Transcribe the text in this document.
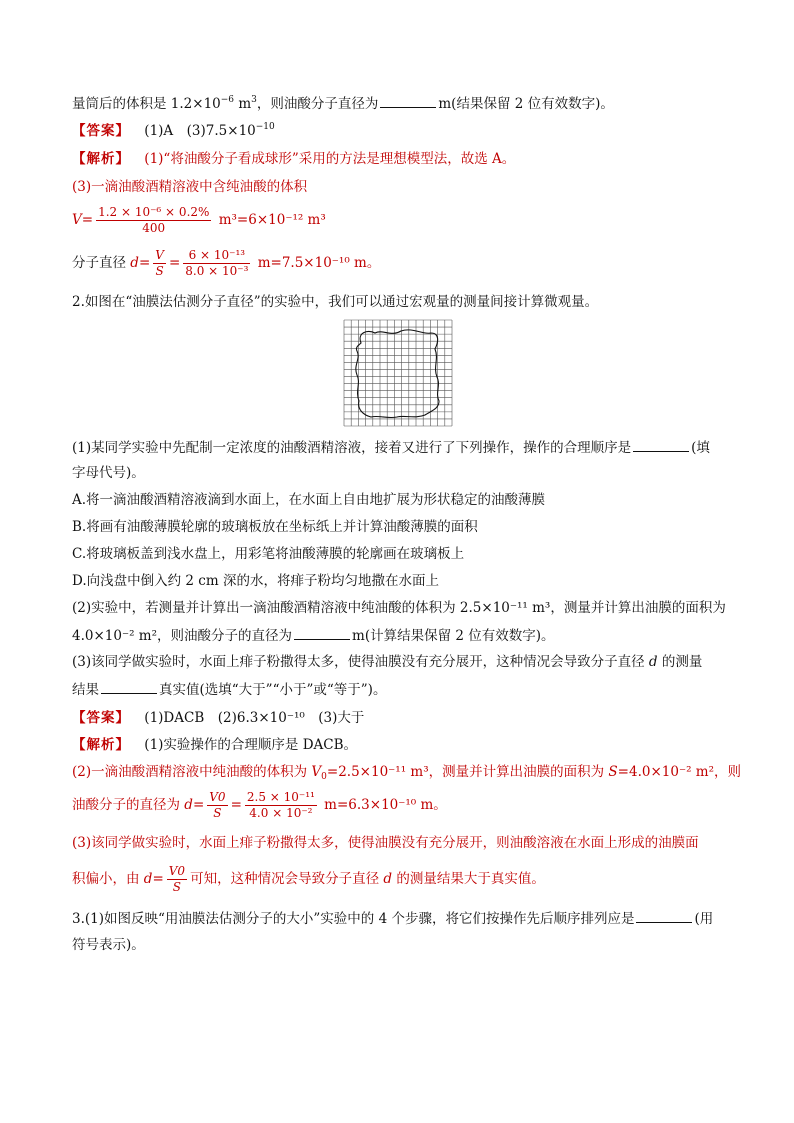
量筒后的体积是 $1.2\times 10^{-6}$ $m^3$，则油酸分子直径为	m(结果保留 2 位有效数字)。
【答案】 (1)A　$(3)7.5\times 10^{-10}$
【解析】 (1)“将油酸分子看成球形”采用的方法是理想模型法，故选 A。
(3)一滴油酸酒精溶液中含纯油酸的体积
$V= \frac{\text{1.2 × 10⁻⁶ × 0.2\%}}{400} m^3=6\times 10^{-12}$ m³
分子直径 $d= \frac{V}{S} = \frac{\text{6 × 10⁻¹³}}{\text{8.0 × 10⁻³}} m=7.5\times 10^{-10}$ m。
2.如图在“油膜法估测分子直径”的实验中，我们可以通过宏观量的测量间接计算微观量。
(1)某同学实验中先配制一定浓度的油酸酒精溶液，接着又进行了下列操作，操作的合理顺序是	(填
字母代号)。
A.将一滴油酸酒精溶液滴到水面上，在水面上自由地扩展为形状稳定的油酸薄膜
B.将画有油酸薄膜轮廓的玻璃板放在坐标纸上并计算油酸薄膜的面积
C.将玻璃板盖到浅水盘上，用彩笔将油酸薄膜的轮廓画在玻璃板上
D.向浅盘中倒入约 2 cm 深的水，将痱子粉均匀地撒在水面上
(2)实验中，若测量并计算出一滴油酸酒精溶液中纯油酸的体积为 2.5×10⁻¹¹ m³，测量并计算出油膜的面积为
4.0×10⁻² m²，则油酸分子的直径为	m(计算结果保留 2 位有效数字)。
(3)该同学做实验时，水面上痱子粉撒得太多，使得油膜没有充分展开，这种情况会导致分子直径 d 的测量
结果	真实值(选填“大于”“小于”或“等于”)。
【答案】 (1)DACB　(2)6.3×10⁻¹⁰　(3)大于
【解析】 (1)实验操作的合理顺序是 DACB。
(2)一滴油酸酒精溶液中纯油酸的体积为 $V_0=2.5\times 10^{-11}$ m³，测量并计算出油膜的面积为 S=4.0×10⁻² m²，则
油酸分子的直径为 $d= \frac{V0}{S} = \frac{\text{2.5 × 10⁻¹¹}}{\text{4.0 × 10⁻²}} m=6.3\times 10^{-10}$ m。
(3)该同学做实验时，水面上痱子粉撒得太多，使得油膜没有充分展开，则油酸溶液在水面上形成的油膜面
积偏小，由 $d= \frac{V0}{S}$ 可知，这种情况会导致分子直径 d 的测量结果大于真实值。
3.(1)如图反映“用油膜法估测分子的大小”实验中的 4 个步骤，将它们按操作先后顺序排列应是	(用
符号表示)。
